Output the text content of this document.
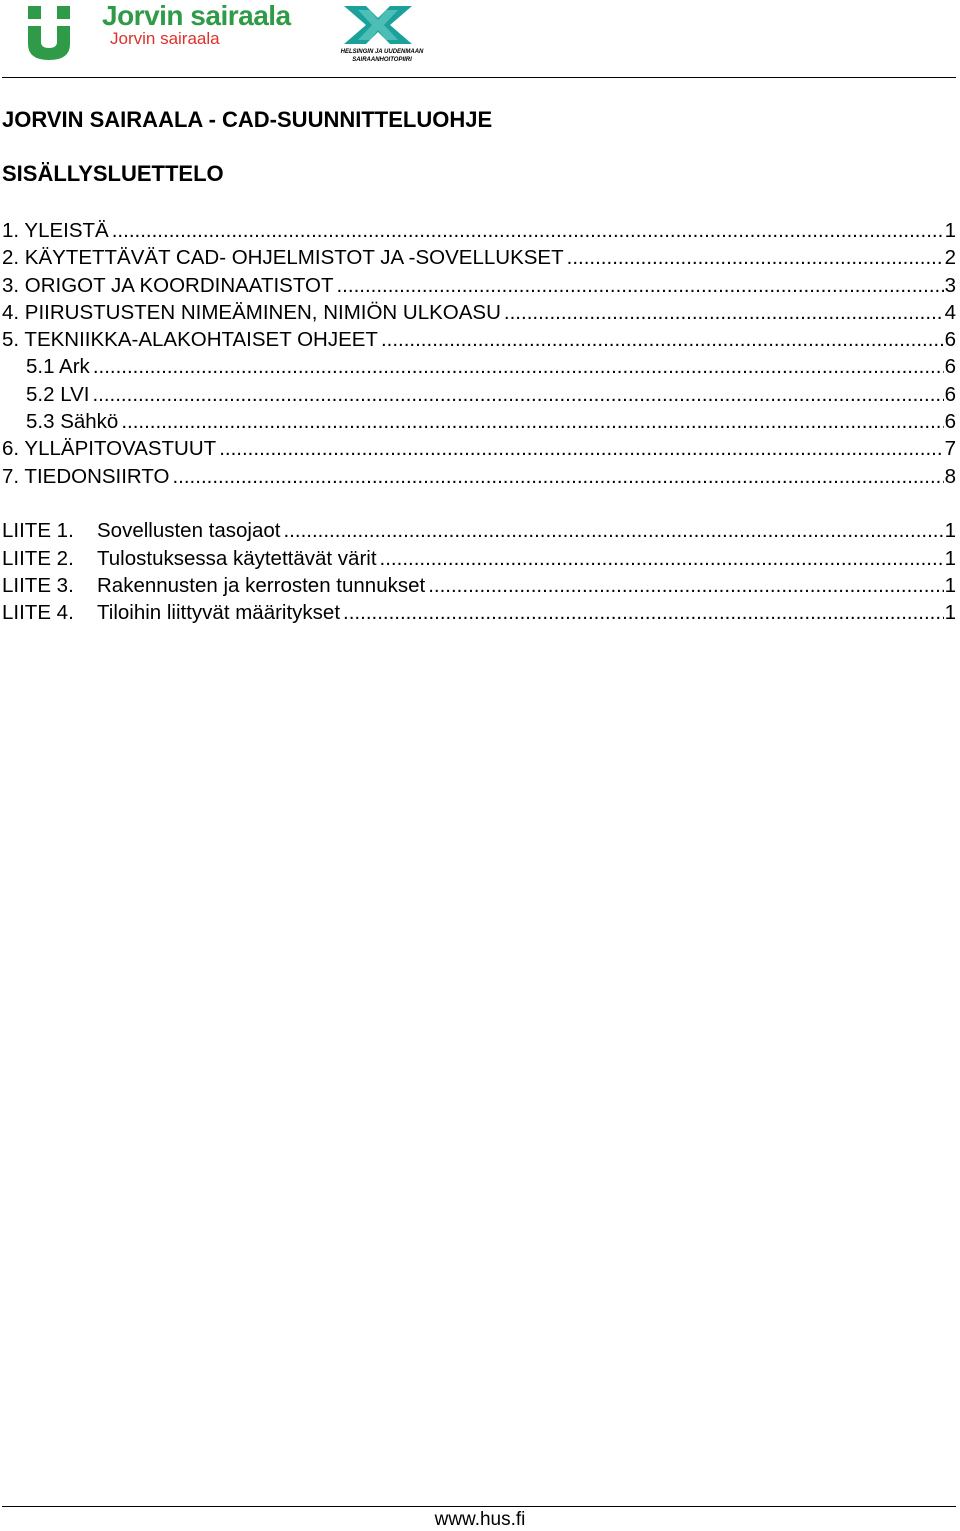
Jorvin sairaala
Jorvin sairaala
HELSINGIN JA UUDENMAAN
SAIRAANHOITOPIIRI
JORVIN SAIRAALA - CAD-SUUNNITTELUOHJE
SISÄLLYSLUETTELO
1. YLEISTÄ .....	1
2. KÄYTETTÄVÄT CAD- OHJELMISTOT JA -SOVELLUKSET .....	2
3. ORIGOT JA KOORDINAATISTOT .....	3
4. PIIRUSTUSTEN NIMEÄMINEN, NIMIÖN ULKOASU .....	4
5. TEKNIIKKA-ALAKOHTAISET OHJEET .....	6
5.1 Ark .....	6
5.2 LVI .....	6
5.3 Sähkö .....	6
6. YLLÄPITOVASTUUT .....	7
7. TIEDONSIIRTO .....	8
LIITE 1. Sovellusten tasojaot .....	1
LIITE 2. Tulostuksessa käytettävät värit .....	1
LIITE 3. Rakennusten ja kerrosten tunnukset .....	1
LIITE 4. Tiloihin liittyvät määritykset .....	1
www.hus.fi
